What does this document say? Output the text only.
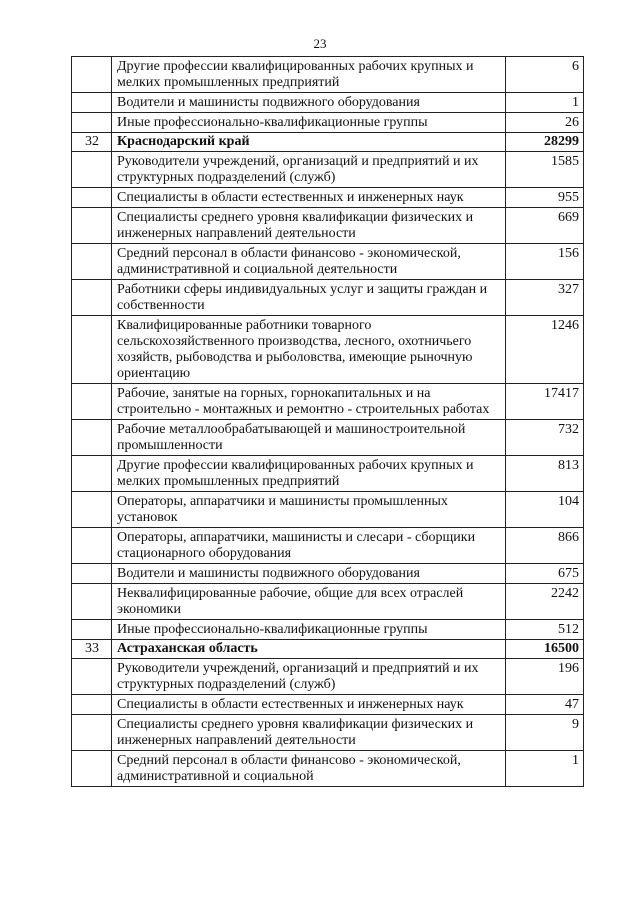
23
	Другие профессии квалифицированных рабочих крупных и мелких промышленных предприятий	6
	Водители и машинисты подвижного оборудования	1
	Иные профессионально-квалификационные группы	26
32	Краснодарский край	28299
	Руководители учреждений, организаций и предприятий и их структурных подразделений (служб)	1585
	Специалисты в области естественных и инженерных наук	955
	Специалисты среднего уровня квалификации физических и инженерных направлений деятельности	669
	Средний персонал в области финансово - экономической, административной и социальной деятельности	156
	Работники сферы индивидуальных услуг и защиты граждан и собственности	327
	Квалифицированные работники товарного сельскохозяйственного производства, лесного, охотничьего хозяйств, рыбоводства и рыболовства, имеющие рыночную ориентацию	1246
	Рабочие, занятые на горных, горнокапитальных и на строительно - монтажных и ремонтно - строительных работах	17417
	Рабочие металлообрабатывающей и машиностроительной промышленности	732
	Другие профессии квалифицированных рабочих крупных и мелких промышленных предприятий	813
	Операторы, аппаратчики и машинисты промышленных установок	104
	Операторы, аппаратчики, машинисты и слесари - сборщики стационарного оборудования	866
	Водители и машинисты подвижного оборудования	675
	Неквалифицированные рабочие, общие для всех отраслей экономики	2242
	Иные профессионально-квалификационные группы	512
33	Астраханская область	16500
	Руководители учреждений, организаций и предприятий и их структурных подразделений (служб)	196
	Специалисты в области естественных и инженерных наук	47
	Специалисты среднего уровня квалификации физических и инженерных направлений деятельности	9
	Средний персонал в области финансово - экономической, административной и социальной	1
